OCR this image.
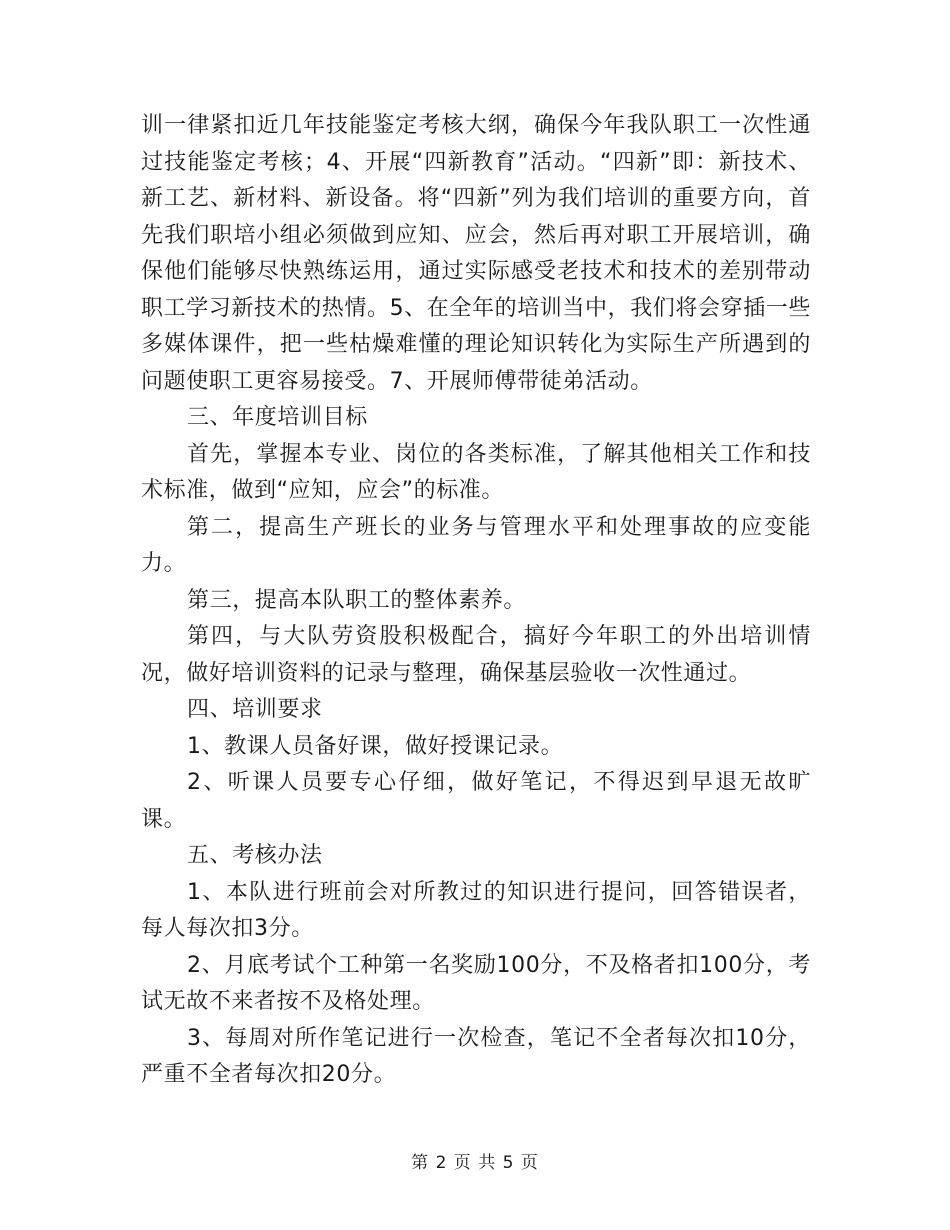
训一律紧扣近几年技能鉴定考核大纲，确保今年我队职工一次性通过技能鉴定考核；4、开展“四新教育”活动。“四新”即：新技术、新工艺、新材料、新设备。将“四新”列为我们培训的重要方向，首先我们职培小组必须做到应知、应会，然后再对职工开展培训，确保他们能够尽快熟练运用，通过实际感受老技术和技术的差别带动职工学习新技术的热情。5、在全年的培训当中，我们将会穿插一些多媒体课件，把一些枯燥难懂的理论知识转化为实际生产所遇到的问题使职工更容易接受。7、开展师傅带徒弟活动。

三、年度培训目标

首先，掌握本专业、岗位的各类标准，了解其他相关工作和技术标准，做到“应知，应会”的标准。

第二，提高生产班长的业务与管理水平和处理事故的应变能力。

第三，提高本队职工的整体素养。

第四，与大队劳资股积极配合，搞好今年职工的外出培训情况，做好培训资料的记录与整理，确保基层验收一次性通过。

四、培训要求

1、教课人员备好课，做好授课记录。

2、听课人员要专心仔细，做好笔记，不得迟到早退无故旷课。

五、考核办法

1、本队进行班前会对所教过的知识进行提问，回答错误者，每人每次扣3分。

2、月底考试个工种第一名奖励100分，不及格者扣100分，考试无故不来者按不及格处理。

3、每周对所作笔记进行一次检查，笔记不全者每次扣10分，严重不全者每次扣20分。

第 2 页 共 5 页
